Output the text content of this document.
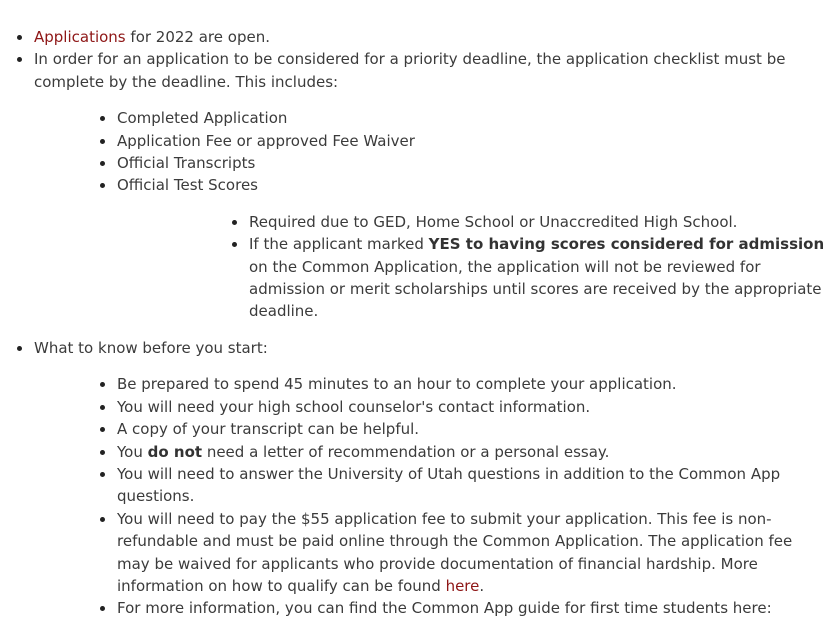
Applications for 2022 are open.
In order for an application to be considered for a priority deadline, the application checklist must be complete by the deadline. This includes:
Completed Application
Application Fee or approved Fee Waiver
Official Transcripts
Official Test Scores
Required due to GED, Home School or Unaccredited High School.
If the applicant marked YES to having scores considered for admission on the Common Application, the application will not be reviewed for admission or merit scholarships until scores are received by the appropriate deadline.
What to know before you start:
Be prepared to spend 45 minutes to an hour to complete your application.
You will need your high school counselor's contact information.
A copy of your transcript can be helpful.
You do not need a letter of recommendation or a personal essay.
You will need to answer the University of Utah questions in addition to the Common App questions.
You will need to pay the $55 application fee to submit your application. This fee is non-refundable and must be paid online through the Common Application. The application fee may be waived for applicants who provide documentation of financial hardship. More information on how to qualify can be found here.
For more information, you can find the Common App guide for first time students here:
